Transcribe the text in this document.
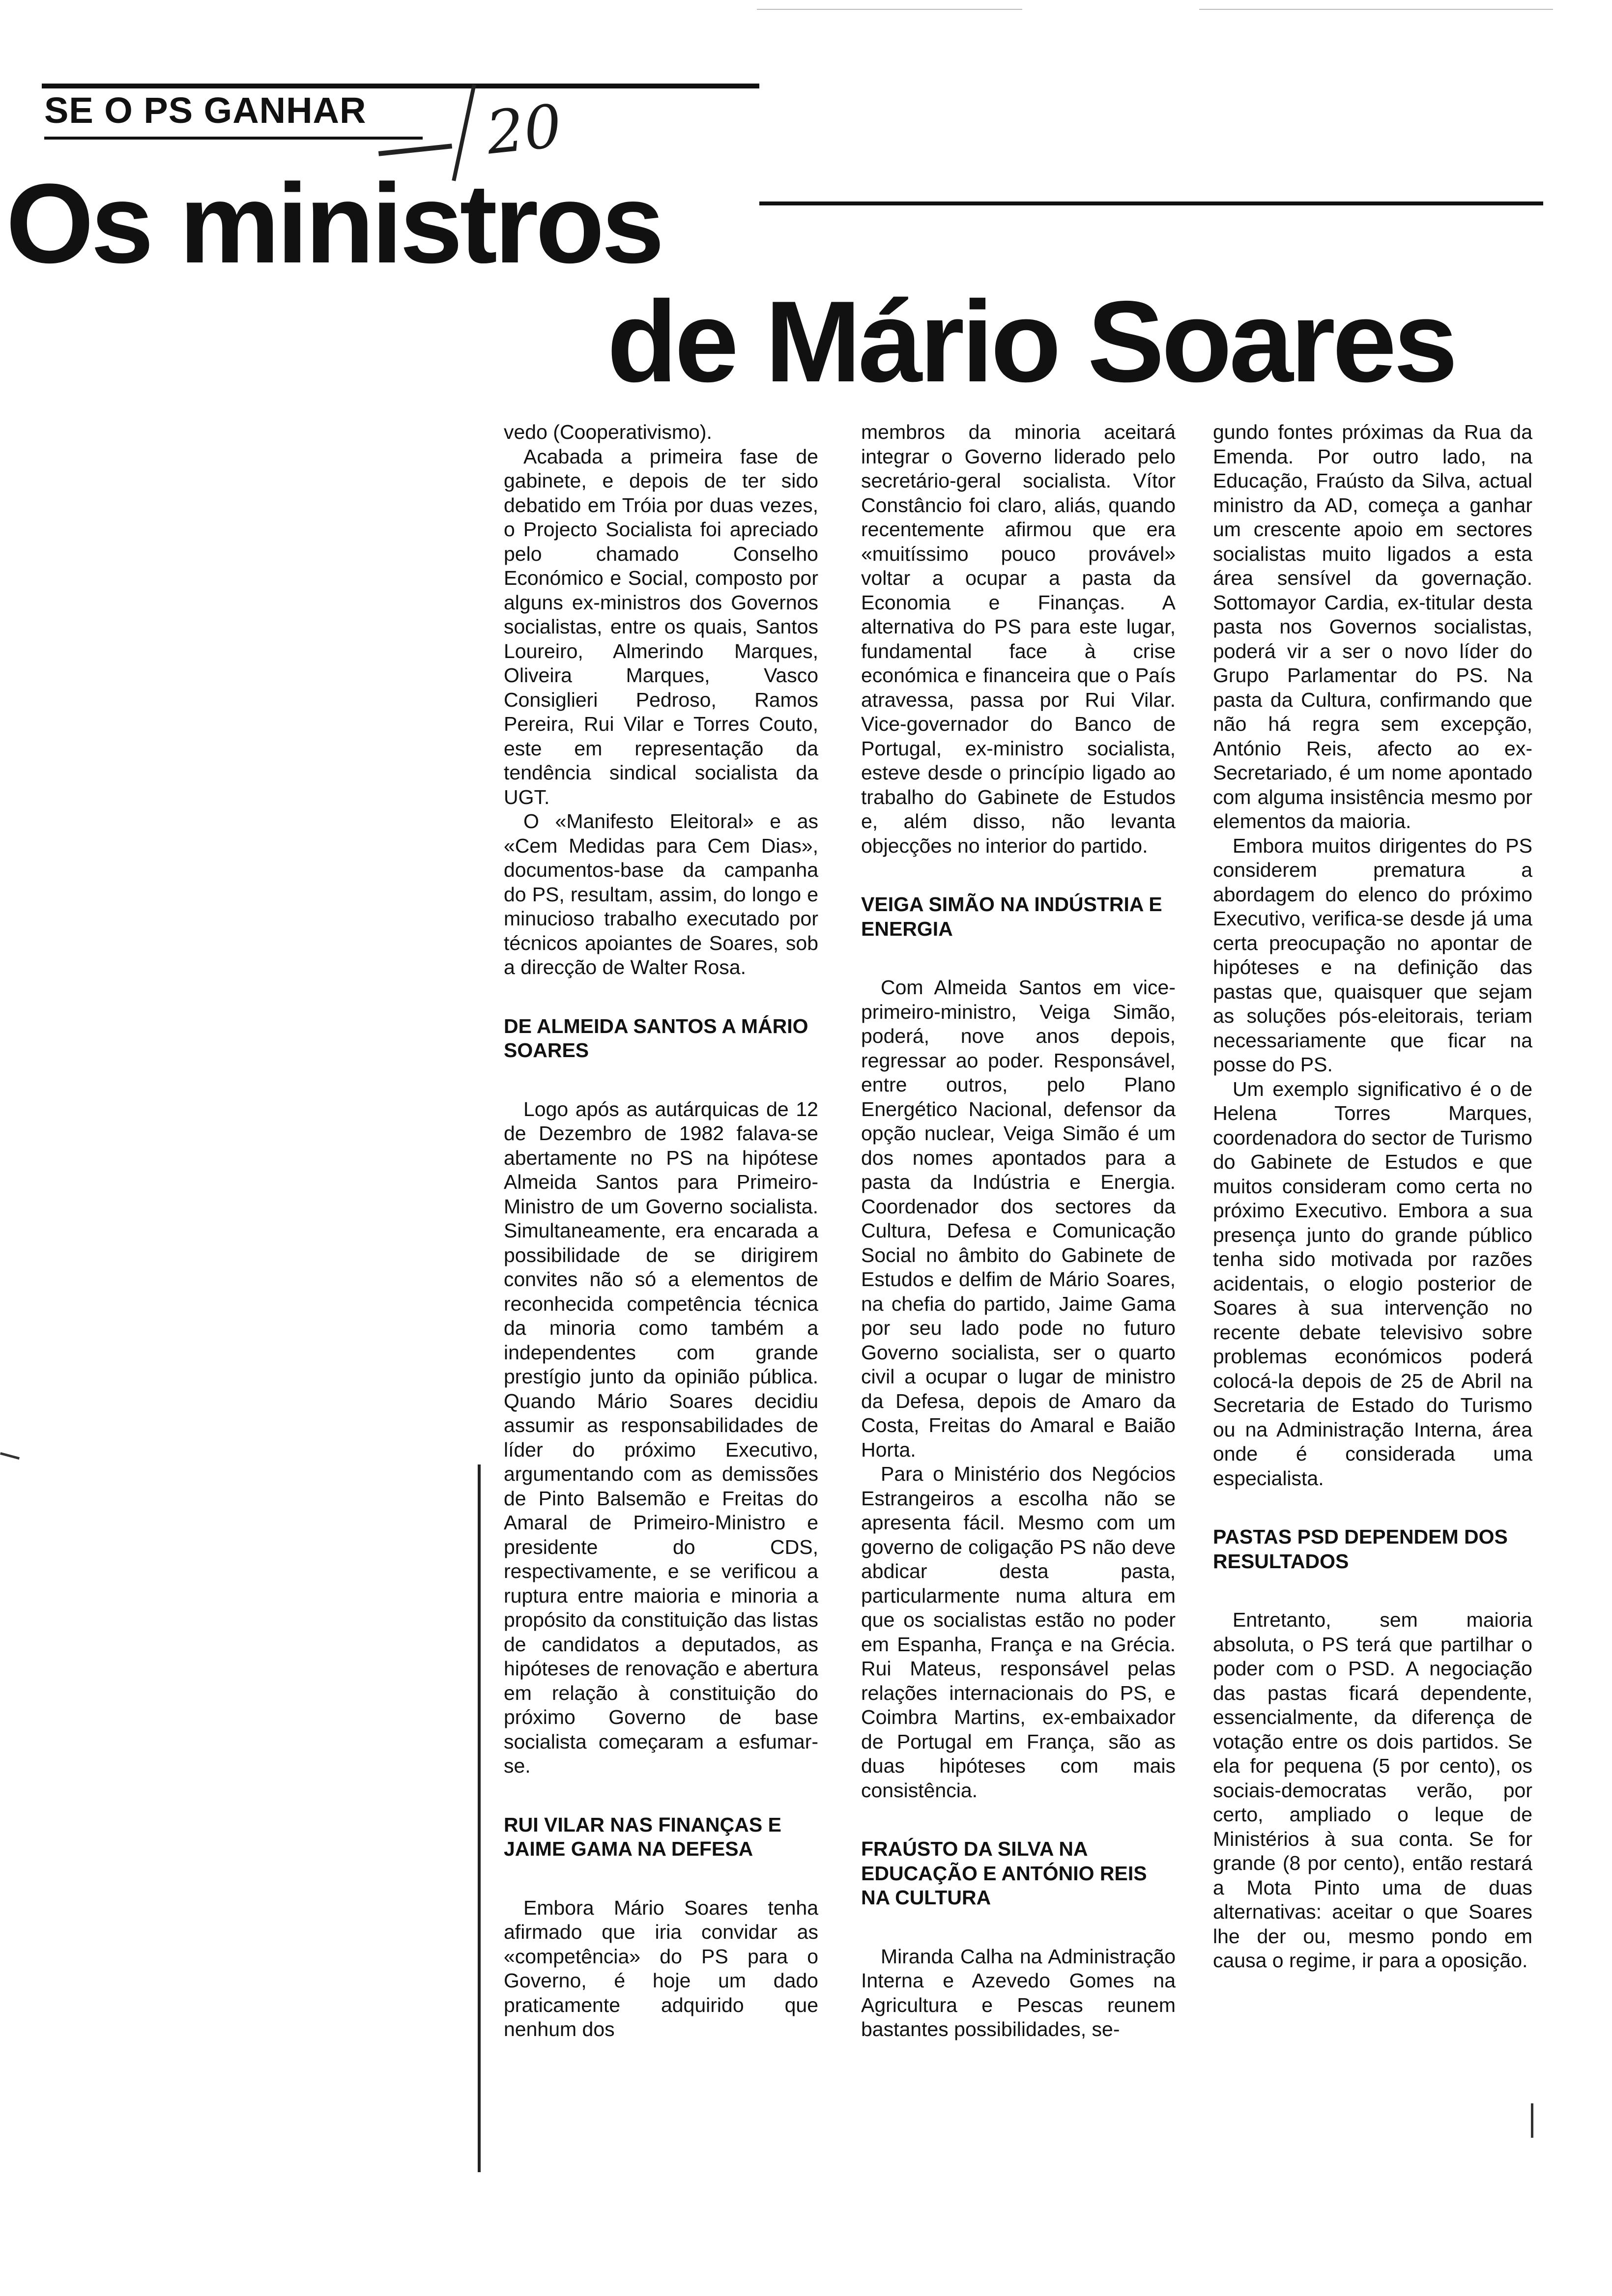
SE O PS GANHAR 20
Os ministros
de Mário Soares

vedo (Cooperativismo).

Acabada a primeira fase de gabinete, e depois de ter sido debatido em Tróia por duas vezes, o Projecto Socialista foi apreciado pelo chamado Conselho Económico e Social, composto por alguns ex-ministros dos Governos socialistas, entre os quais, Santos Loureiro, Almerindo Marques, Oliveira Marques, Vasco Consiglieri Pedroso, Ramos Pereira, Rui Vilar e Torres Couto, este em representação da tendência sindical socialista da UGT.

O «Manifesto Eleitoral» e as «Cem Medidas para Cem Dias», documentos-base da campanha do PS, resultam, assim, do longo e minucioso trabalho executado por técnicos apoiantes de Soares, sob a direcção de Walter Rosa.

DE ALMEIDA SANTOS A MÁRIO SOARES

Logo após as autárquicas de 12 de Dezembro de 1982 falava-se abertamente no PS na hipótese Almeida Santos para Primeiro-Ministro de um Governo socialista. Simultaneamente, era encarada a possibilidade de se dirigirem convites não só a elementos de reconhecida competência técnica da minoria como também a independentes com grande prestígio junto da opinião pública. Quando Mário Soares decidiu assumir as responsabilidades de líder do próximo Executivo, argumentando com as demissões de Pinto Balsemão e Freitas do Amaral de Primeiro-Ministro e presidente do CDS, respectivamente, e se verificou a ruptura entre maioria e minoria a propósito da constituição das listas de candidatos a deputados, as hipóteses de renovação e abertura em relação à constituição do próximo Governo de base socialista começaram a esfumar-se.

RUI VILAR NAS FINANÇAS E JAIME GAMA NA DEFESA

Embora Mário Soares tenha afirmado que iria convidar as «competência» do PS para o Governo, é hoje um dado praticamente adquirido que nenhum dos

membros da minoria aceitará integrar o Governo liderado pelo secretário-geral socialista. Vítor Constâncio foi claro, aliás, quando recentemente afirmou que era «muitíssimo pouco provável» voltar a ocupar a pasta da Economia e Finanças. A alternativa do PS para este lugar, fundamental face à crise económica e financeira que o País atravessa, passa por Rui Vilar. Vice-governador do Banco de Portugal, ex-ministro socialista, esteve desde o princípio ligado ao trabalho do Gabinete de Estudos e, além disso, não levanta objecções no interior do partido.

VEIGA SIMÃO NA INDÚSTRIA E ENERGIA

Com Almeida Santos em vice-primeiro-ministro, Veiga Simão, poderá, nove anos depois, regressar ao poder. Responsável, entre outros, pelo Plano Energético Nacional, defensor da opção nuclear, Veiga Simão é um dos nomes apontados para a pasta da Indústria e Energia. Coordenador dos sectores da Cultura, Defesa e Comunicação Social no âmbito do Gabinete de Estudos e delfim de Mário Soares, na chefia do partido, Jaime Gama por seu lado pode no futuro Governo socialista, ser o quarto civil a ocupar o lugar de ministro da Defesa, depois de Amaro da Costa, Freitas do Amaral e Baião Horta.

Para o Ministério dos Negócios Estrangeiros a escolha não se apresenta fácil. Mesmo com um governo de coligação PS não deve abdicar desta pasta, particularmente numa altura em que os socialistas estão no poder em Espanha, França e na Grécia. Rui Mateus, responsável pelas relações internacionais do PS, e Coimbra Martins, ex-embaixador de Portugal em França, são as duas hipóteses com mais consistência.

FRAÚSTO DA SILVA NA EDUCAÇÃO E ANTÓNIO REIS NA CULTURA

Miranda Calha na Administração Interna e Azevedo Gomes na Agricultura e Pescas reunem bastantes possibilidades, se-

gundo fontes próximas da Rua da Emenda. Por outro lado, na Educação, Fraústo da Silva, actual ministro da AD, começa a ganhar um crescente apoio em sectores socialistas muito ligados a esta área sensível da governação. Sottomayor Cardia, ex-titular desta pasta nos Governos socialistas, poderá vir a ser o novo líder do Grupo Parlamentar do PS. Na pasta da Cultura, confirmando que não há regra sem excepção, António Reis, afecto ao ex-Secretariado, é um nome apontado com alguma insistência mesmo por elementos da maioria.

Embora muitos dirigentes do PS considerem prematura a abordagem do elenco do próximo Executivo, verifica-se desde já uma certa preocupação no apontar de hipóteses e na definição das pastas que, quaisquer que sejam as soluções pós-eleitorais, teriam necessariamente que ficar na posse do PS.

Um exemplo significativo é o de Helena Torres Marques, coordenadora do sector de Turismo do Gabinete de Estudos e que muitos consideram como certa no próximo Executivo. Embora a sua presença junto do grande público tenha sido motivada por razões acidentais, o elogio posterior de Soares à sua intervenção no recente debate televisivo sobre problemas económicos poderá colocá-la depois de 25 de Abril na Secretaria de Estado do Turismo ou na Administração Interna, área onde é considerada uma especialista.

PASTAS PSD DEPENDEM DOS RESULTADOS

Entretanto, sem maioria absoluta, o PS terá que partilhar o poder com o PSD. A negociação das pastas ficará dependente, essencialmente, da diferença de votação entre os dois partidos. Se ela for pequena (5 por cento), os sociais-democratas verão, por certo, ampliado o leque de Ministérios à sua conta. Se for grande (8 por cento), então restará a Mota Pinto uma de duas alternativas: aceitar o que Soares lhe der ou, mesmo pondo em causa o regime, ir para a oposição.
